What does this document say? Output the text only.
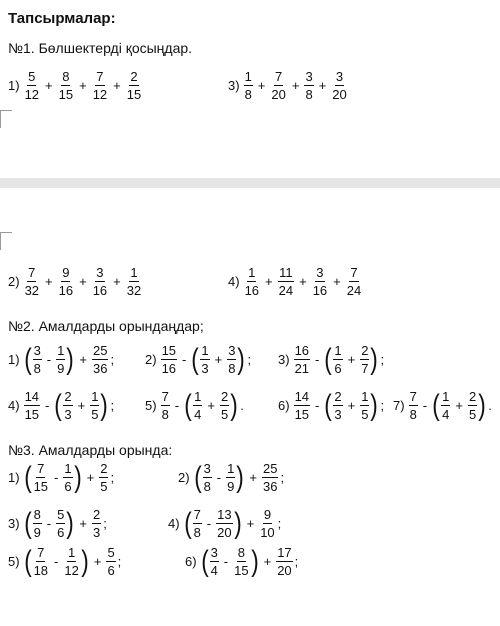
Тапсырмалар:
№1. Бөлшектерді қосыңдар.
$1) \frac{5}{12} + \frac{8}{15} + \frac{7}{12} + \frac{2}{15}$	$3) \frac{1}{8} + \frac{7}{20} + \frac{3}{8} + \frac{3}{20}$
$2) \frac{7}{32} + \frac{9}{16} + \frac{3}{16} + \frac{1}{32}$	$4) \frac{1}{16} + \frac{11}{24} + \frac{3}{16} + \frac{7}{24}$
№2. Амалдарды орындаңдар;
1) ( $\frac{3}{8} - \frac{1}{9}$ ) + $\frac{25}{36}$ ; $2) \frac{15}{16}$ - ( $\frac{1}{3} + \frac{3}{8}$ ) ; $3) \frac{16}{21}$ - ( $\frac{1}{6} + \frac{2}{7}$ ) ;
$4) \frac{14}{15}$ - ( $\frac{2}{3} + \frac{1}{5}$ ) ; $5) \frac{7}{8}$ - ( $\frac{1}{4} + \frac{2}{5}$ ) .	$6) \frac{14}{15}$ - ( $\frac{2}{3} + \frac{1}{5}$ ) ; $7) \frac{7}{8}$ - ( $\frac{1}{4} + \frac{2}{5}$ ) .
№3. Амалдарды орында:
1) ( $\frac{7}{15} - \frac{1}{6}$ ) + $\frac{2}{5}$ ;	2) ( $\frac{3}{8} - \frac{1}{9}$ ) + $\frac{25}{36}$ ;
3) ( $\frac{8}{9} - \frac{5}{6}$ ) + $\frac{2}{3}$ ;	4) ( $\frac{7}{8} - \frac{13}{20}$ ) + $\frac{9}{10}$ ;
5) ( $\frac{7}{18} - \frac{1}{12}$ ) + $\frac{5}{6}$ ;	6) ( $\frac{3}{4} - \frac{8}{15}$ ) + $\frac{17}{20}$ ;
